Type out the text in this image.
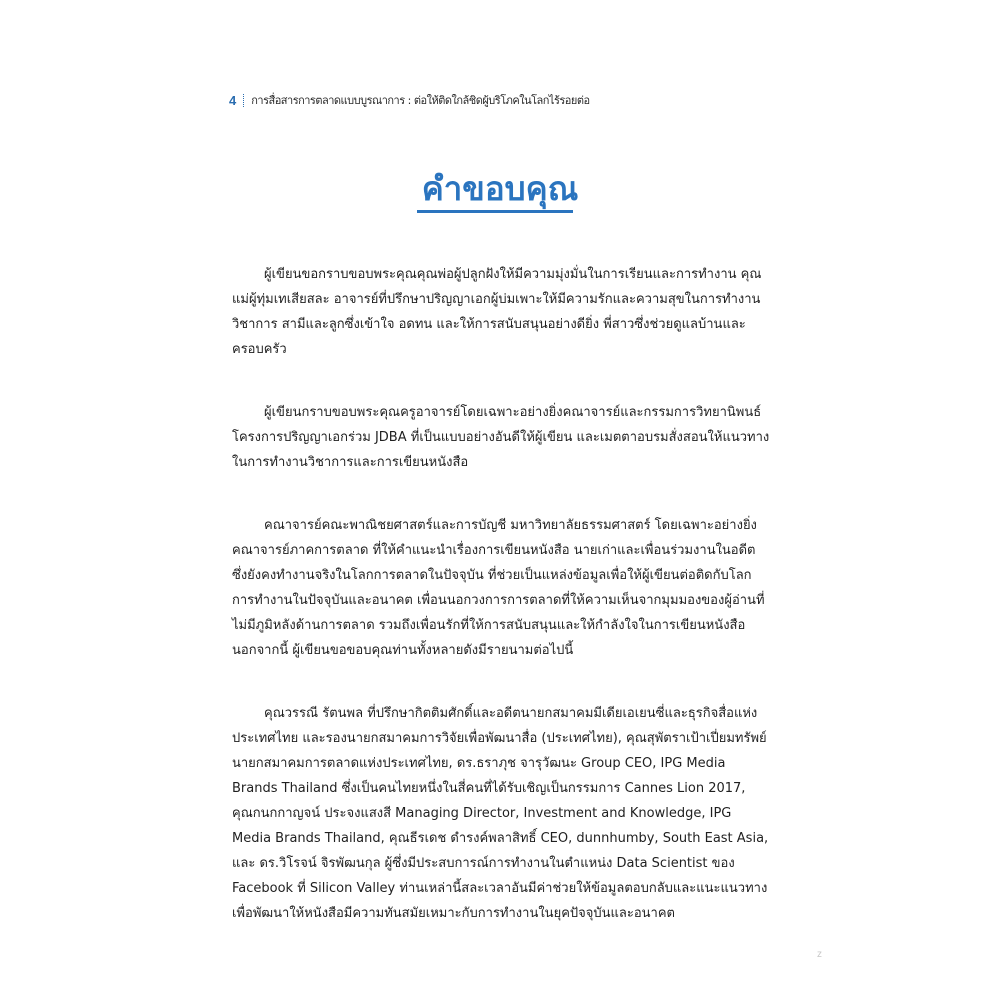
4 การสื่อสารการตลาดแบบบูรณาการ : ต่อให้ติดใกล้ชิดผู้บริโภคในโลกไร้รอยต่อ
คำขอบคุณ

ผู้เขียนขอกราบขอบพระคุณคุณพ่อผู้ปลูกฝังให้มีความมุ่งมั่นในการเรียนและการทำงาน คุณแม่ผู้ทุ่มเทเสียสละ อาจารย์ที่ปรึกษาปริญญาเอกผู้บ่มเพาะให้มีความรักและความสุขในการทำงานวิชาการ สามีและลูกซึ่งเข้าใจ อดทน และให้การสนับสนุนอย่างดียิ่ง พี่สาวซึ่งช่วยดูแลบ้านและครอบครัว

ผู้เขียนกราบขอบพระคุณครูอาจารย์โดยเฉพาะอย่างยิ่งคณาจารย์และกรรมการวิทยานิพนธ์ โครงการปริญญาเอกร่วม JDBA ที่เป็นแบบอย่างอันดีให้ผู้เขียน และเมตตาอบรมสั่งสอนให้แนวทางในการทำงานวิชาการและการเขียนหนังสือ

คณาจารย์คณะพาณิชยศาสตร์และการบัญชี มหาวิทยาลัยธรรมศาสตร์ โดยเฉพาะอย่างยิ่ง คณาจารย์ภาคการตลาด ที่ให้คำแนะนำเรื่องการเขียนหนังสือ นายเก่าและเพื่อนร่วมงานในอดีต ซึ่งยังคงทำงานจริงในโลกการตลาดในปัจจุบัน ที่ช่วยเป็นแหล่งข้อมูลเพื่อให้ผู้เขียนต่อติดกับโลกการทำงานในปัจจุบันและอนาคต เพื่อนนอกวงการการตลาดที่ให้ความเห็นจากมุมมองของผู้อ่านที่ไม่มีภูมิหลังด้านการตลาด รวมถึงเพื่อนรักที่ให้การสนับสนุนและให้กำลังใจในการเขียนหนังสือ นอกจากนี้ ผู้เขียนขอขอบคุณท่านทั้งหลายดังมีรายนามต่อไปนี้

คุณวรรณี รัตนพล ที่ปรึกษากิตติมศักดิ์และอดีตนายกสมาคมมีเดียเอเยนซี่และธุรกิจสื่อแห่งประเทศไทย และรองนายกสมาคมการวิจัยเพื่อพัฒนาสื่อ (ประเทศไทย), คุณสุพัตราเป้าเปี่ยมทรัพย์ นายกสมาคมการตลาดแห่งประเทศไทย, ดร.ธราภุช จารุวัฒนะ Group CEO, IPG Media Brands Thailand ซึ่งเป็นคนไทยหนึ่งในสี่คนที่ได้รับเชิญเป็นกรรมการ Cannes Lion 2017, คุณกนกกาญจน์ ประจงแสงสี Managing Director, Investment and Knowledge, IPG Media Brands Thailand, คุณธีรเดช ดำรงค์พลาสิทธิ์ CEO, dunnhumby, South East Asia, และ ดร.วิโรจน์ จิรพัฒนกุล ผู้ซึ่งมีประสบการณ์การทำงานในตำแหน่ง Data Scientist ของ Facebook ที่ Silicon Valley ท่านเหล่านี้สละเวลาอันมีค่าช่วยให้ข้อมูลตอบกลับและแนะแนวทางเพื่อพัฒนาให้หนังสือมีความทันสมัยเหมาะกับการทำงานในยุคปัจจุบันและอนาคต

z
